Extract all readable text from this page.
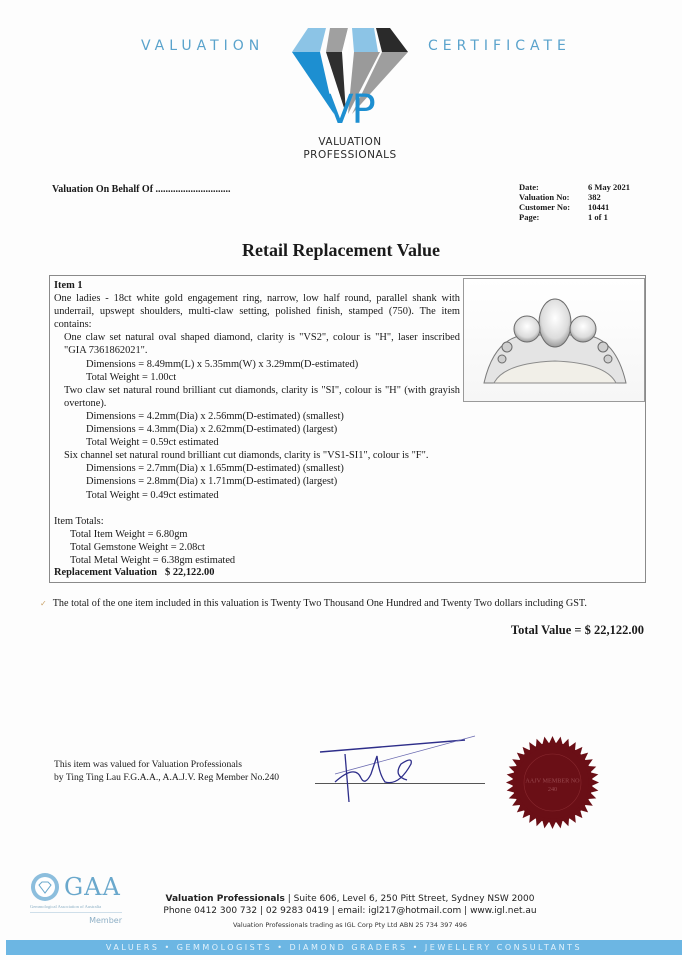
VALUATION	CERTIFICATE
VP
VALUATION
PROFESSIONALS
Valuation On Behalf Of ..............................	Date:	6 May 2021
Valuation No:	382
Customer No:	10441
Page:	1 of 1
Retail Replacement Value
Item 1
One ladies - 18ct white gold engagement ring, narrow, low half round, parallel shank with underrail, upswept shoulders, multi-claw setting, polished finish, stamped (750). The item contains:
One claw set natural oval shaped diamond, clarity is "VS2", colour is "H", laser inscribed "GIA 7361862021".
Dimensions = 8.49mm(L) x 5.35mm(W) x 3.29mm(D-estimated)
Total Weight = 1.00ct
Two claw set natural round brilliant cut diamonds, clarity is "SI", colour is "H" (with grayish overtone).
Dimensions = 4.2mm(Dia) x 2.56mm(D-estimated) (smallest)
Dimensions = 4.3mm(Dia) x 2.62mm(D-estimated) (largest)
Total Weight = 0.59ct estimated
Six channel set natural round brilliant cut diamonds, clarity is "VS1-SI1", colour is "F".
Dimensions = 2.7mm(Dia) x 1.65mm(D-estimated) (smallest)
Dimensions = 2.8mm(Dia) x 1.71mm(D-estimated) (largest)
Total Weight = 0.49ct estimated
Item Totals:
Total Item Weight = 6.80gm
Total Gemstone Weight = 2.08ct
Total Metal Weight = 6.38gm estimated
Replacement Valuation $ 22,122.00
✓ The total of the one item included in this valuation is Twenty Two Thousand One Hundred and Twenty Two dollars including GST.
Total Value = $ 22,122.00
This item was valued for Valuation Professionals
by Ting Ting Lau F.G.A.A., A.A.J.V. Reg Member No.240	AAJV MEMBER NO
240
GAA
Gemmological Association of Australia
Member
Valuation Professionals | Suite 606, Level 6, 250 Pitt Street, Sydney NSW 2000
Phone 0412 300 732 | 02 9283 0419 | email: igl217@hotmail.com | www.igl.net.au
Valuation Professionals trading as IGL Corp Pty Ltd ABN 25 734 397 496
VALUERS • GEMMOLOGISTS • DIAMOND GRADERS • JEWELLERY CONSULTANTS
